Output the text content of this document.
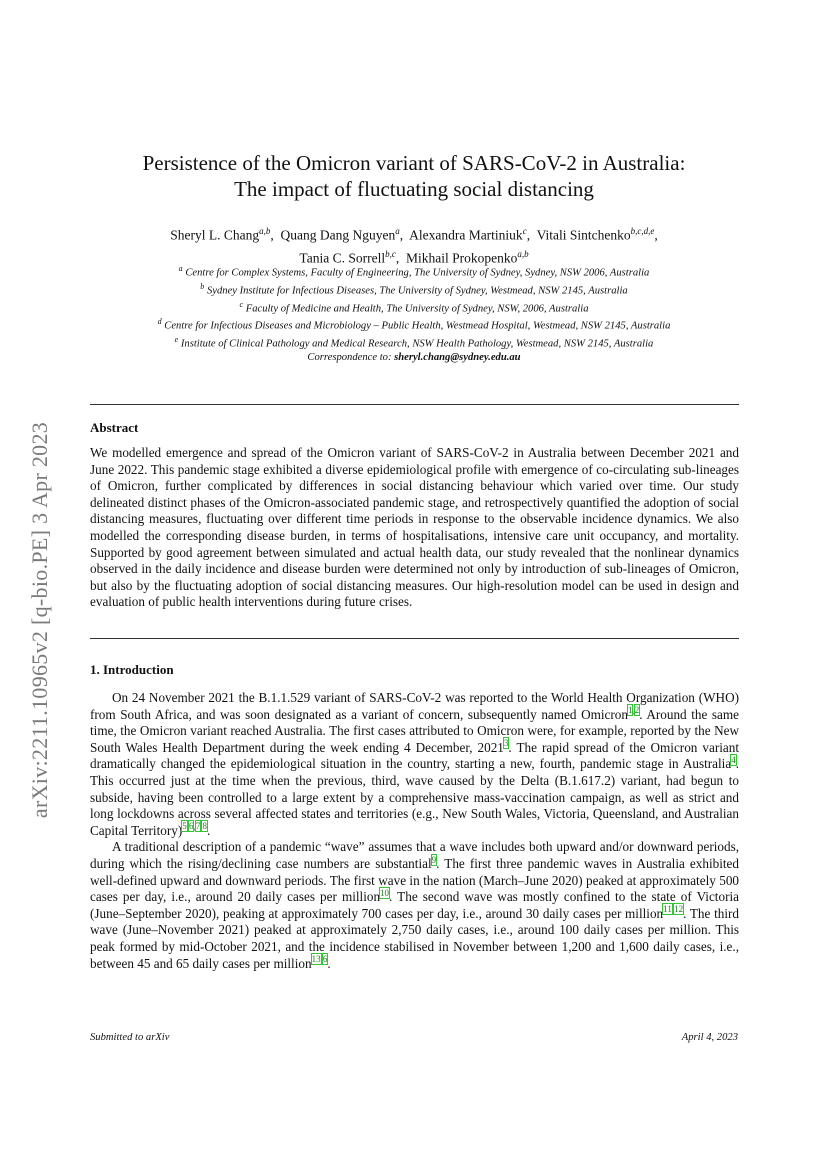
arXiv:2211.10965v2 [q-bio.PE] 3 Apr 2023
Persistence of the Omicron variant of SARS-CoV-2 in Australia:
The impact of fluctuating social distancing
Sheryl L. Chang$^{a,b}$,  Quang Dang Nguyen$^a$,  Alexandra Martiniuk$^c$,  Vitali Sintchenko$^{b,c,d,e}$,
Tania C. Sorrell$^{b,c}$,  Mikhail Prokopenko$^{a,b}$
$^a$ Centre for Complex Systems, Faculty of Engineering, The University of Sydney, Sydney, NSW 2006, Australia
$^b$ Sydney Institute for Infectious Diseases, The University of Sydney, Westmead, NSW 2145, Australia
$^c$ Faculty of Medicine and Health, The University of Sydney, NSW, 2006, Australia
$^d$ Centre for Infectious Diseases and Microbiology – Public Health, Westmead Hospital, Westmead, NSW 2145, Australia
$^e$ Institute of Clinical Pathology and Medical Research, NSW Health Pathology, Westmead, NSW 2145, Australia
Correspondence to: sheryl.chang@sydney.edu.au
Abstract
We modelled emergence and spread of the Omicron variant of SARS-CoV-2 in Australia between December 2021 and June 2022. This pandemic stage exhibited a diverse epidemiological profile with emergence of co-circulating sub-lineages of Omicron, further complicated by differences in social distancing behaviour which varied over time. Our study delineated distinct phases of the Omicron-associated pandemic stage, and retrospectively quantified the adoption of social distancing measures, fluctuating over different time periods in response to the observable incidence dynamics. We also modelled the corresponding disease burden, in terms of hospitalisations, intensive care unit occupancy, and mortality. Supported by good agreement between simulated and actual health data, our study revealed that the nonlinear dynamics observed in the daily incidence and disease burden were determined not only by introduction of sub-lineages of Omicron, but also by the fluctuating adoption of social distancing measures. Our high-resolution model can be used in design and evaluation of public health interventions during future crises.
1. Introduction

On 24 November 2021 the B.1.1.529 variant of SARS-CoV-2 was reported to the World Health Organization (WHO) from South Africa, and was soon designated as a variant of concern, subsequently named Omicron$^{1,2}$. Around the same time, the Omicron variant reached Australia. The first cases attributed to Omicron were, for example, reported by the New South Wales Health Department during the week ending 4 December, 2021$^3$. The rapid spread of the Omicron variant dramatically changed the epidemiological situation in the country, starting a new, fourth, pandemic stage in Australia$^4$. This occurred just at the time when the previous, third, wave caused by the Delta (B.1.617.2) variant, had begun to subside, having been controlled to a large extent by a comprehensive mass-vaccination campaign, as well as strict and long lockdowns across several affected states and territories (e.g., New South Wales, Victoria, Queensland, and Australian Capital Territory)$^{5,6,7,8}$.

A traditional description of a pandemic “wave” assumes that a wave includes both upward and/or downward periods, during which the rising/declining case numbers are substantial$^9$. The first three pandemic waves in Australia exhibited well-defined upward and downward periods. The first wave in the nation (March–June 2020) peaked at approximately 500 cases per day, i.e., around 20 daily cases per million$^{10}$. The second wave was mostly confined to the state of Victoria (June–September 2020), peaking at approximately 700 cases per day, i.e., around 30 daily cases per million$^{11,12}$. The third wave (June–November 2021) peaked at approximately 2,750 daily cases, i.e., around 100 daily cases per million. This peak formed by mid-October 2021, and the incidence stabilised in November between 1,200 and 1,600 daily cases, i.e., between 45 and 65 daily cases per million$^{13,6}$.

Submitted to arXiv	April 4, 2023
